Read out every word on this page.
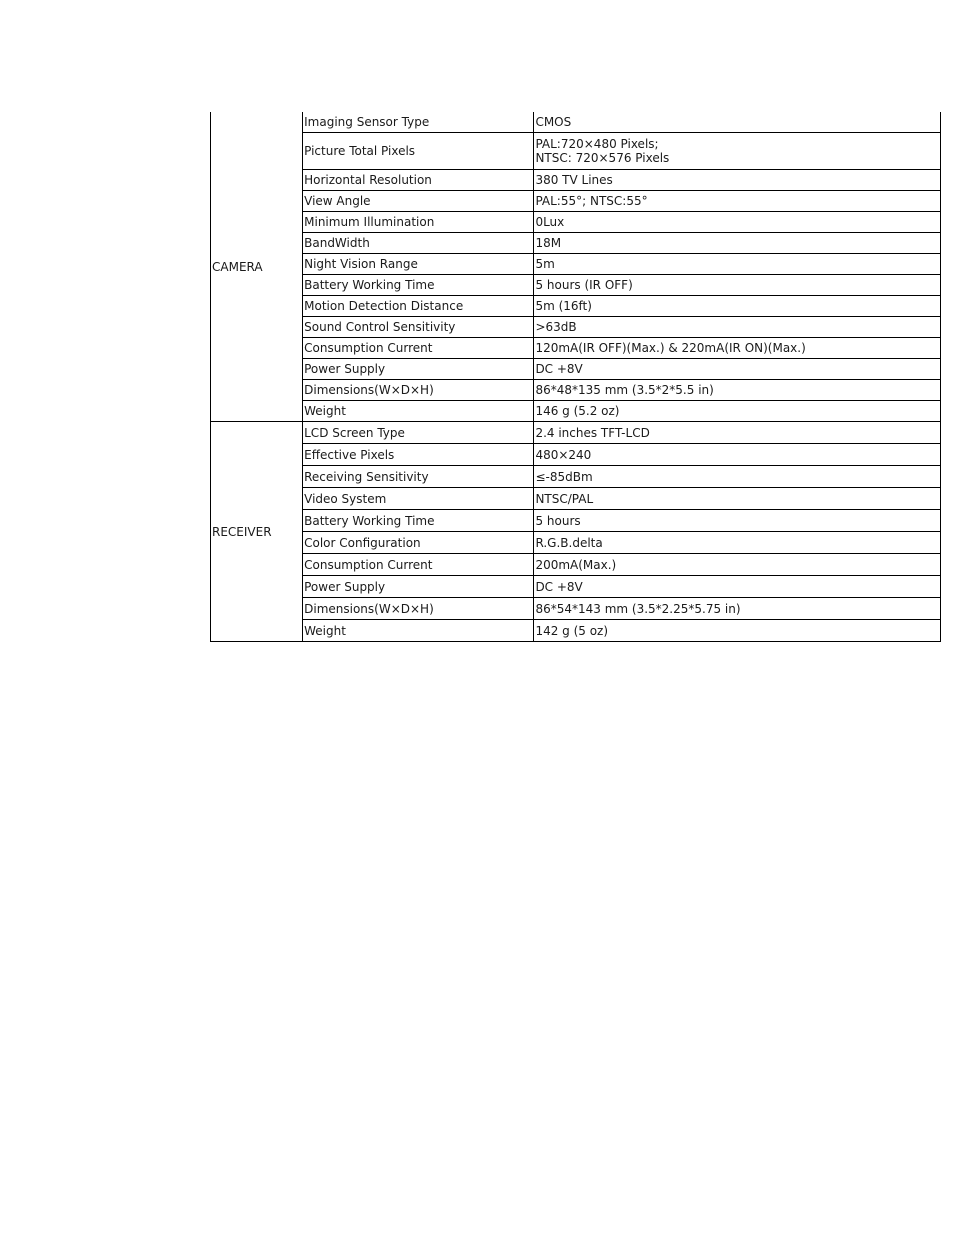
CAMERA	Imaging Sensor Type	CMOS

	Picture Total Pixels	PAL:720×480 Pixels;
NTSC: 720×576 Pixels

	Horizontal Resolution	380 TV Lines

	View Angle	PAL:55°; NTSC:55°

	Minimum Illumination	0Lux

	BandWidth	18M

	Night Vision Range	5m

	Battery Working Time	5 hours (IR OFF)

	Motion Detection Distance	5m (16ft)

	Sound Control Sensitivity	>63dB

	Consumption Current	120mA(IR OFF)(Max.) & 220mA(IR ON)(Max.)

	Power Supply	DC +8V

	Dimensions(W×D×H)	86*48*135 mm (3.5*2*5.5 in)

	Weight	146 g (5.2 oz)

RECEIVER	LCD Screen Type	2.4 inches TFT-LCD

	Effective Pixels	480×240

	Receiving Sensitivity	≤-85dBm

	Video System	NTSC/PAL

	Battery Working Time	5 hours

	Color Configuration	R.G.B.delta

	Consumption Current	200mA(Max.)

	Power Supply	DC +8V

	Dimensions(W×D×H)	86*54*143 mm (3.5*2.25*5.75 in)

	Weight	142 g (5 oz)
